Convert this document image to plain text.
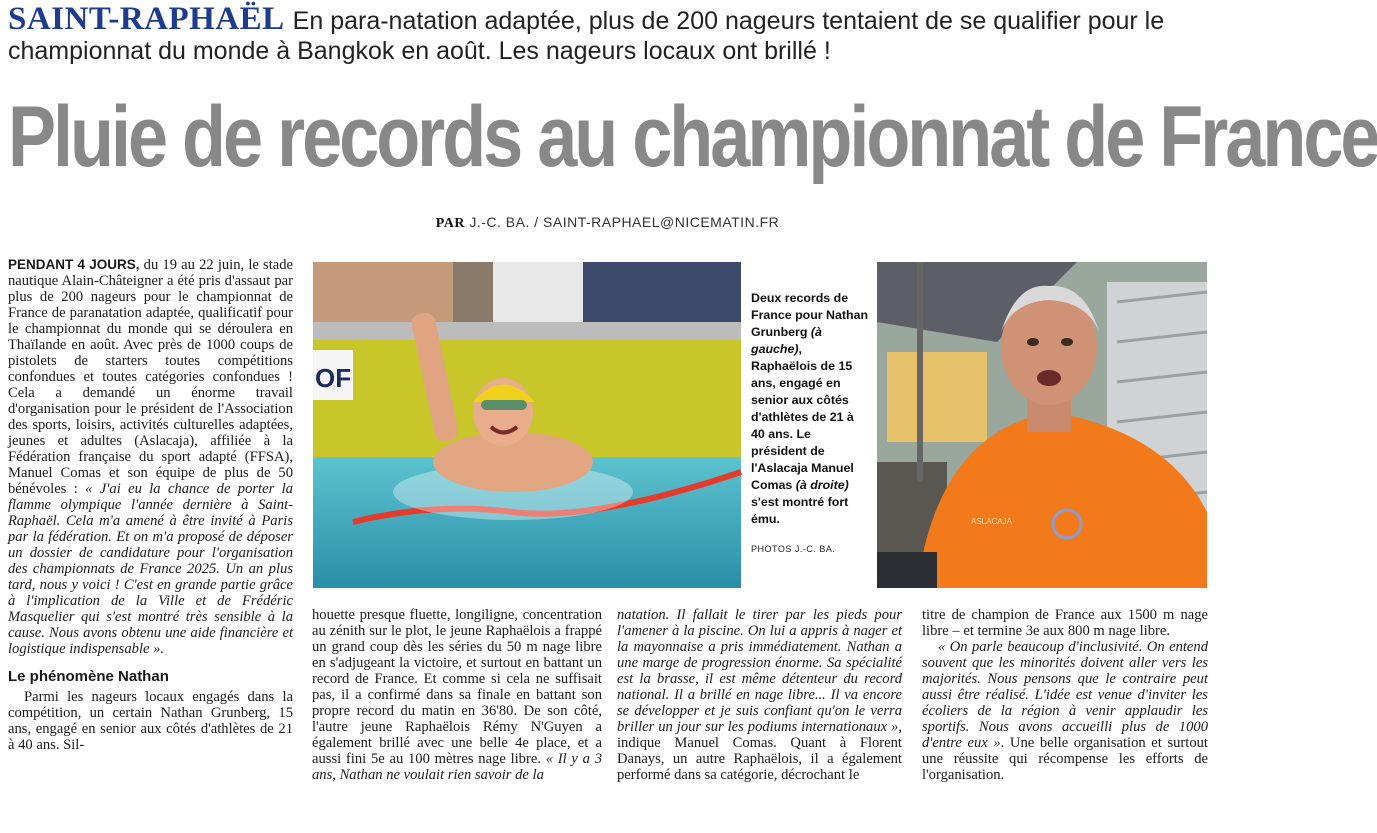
SAINT-RAPHAËL En para-natation adaptée, plus de 200 nageurs tentaient de se qualifier pour le championnat du monde à Bangkok en août. Les nageurs locaux ont brillé !
Pluie de records au championnat de France
PAR J.-C. BA. / SAINT-RAPHAEL@NICEMATIN.FR

PENDANT 4 JOURS, du 19 au 22 juin, le stade nautique Alain-Châteigner a été pris d'assaut par plus de 200 nageurs pour le championnat de France de paranatation adaptée, qualificatif pour le championnat du monde qui se déroulera en Thaïlande en août. Avec près de 1000 coups de pistolets de starters toutes compétitions confondues et toutes catégories confondues ! Cela a demandé un énorme travail d'organisation pour le président de l'Association des sports, loisirs, activités culturelles adaptées, jeunes et adultes (Aslacaja), affiliée à la Fédération française du sport adapté (FFSA), Manuel Comas et son équipe de plus de 50 bénévoles : « J'ai eu la chance de porter la flamme olympique l'année dernière à Saint-Raphaël. Cela m'a amené à être invité à Paris par la fédération. Et on m'a proposé de déposer un dossier de candidature pour l'organisation des championnats de France 2025. Un an plus tard, nous y voici ! C'est en grande partie grâce à l'implication de la Ville et de Frédéric Masquelier qui s'est montré très sensible à la cause. Nous avons obtenu une aide financière et logistique indispensable ».

Le phénomène Nathan

Parmi les nageurs locaux engagés dans la compétition, un certain Nathan Grunberg, 15 ans, engagé en senior aux côtés d'athlètes de 21 à 40 ans. Sil-

OF
Deux records de France pour Nathan Grunberg (à gauche), Raphaëlois de 15 ans, engagé en senior aux côtés d'athlètes de 21 à 40 ans. Le président de l'Aslacaja Manuel Comas (à droite) s'est montré fort ému.
PHOTOS J.-C. BA.
ASLACAJA

houette presque fluette, longiligne, concentration au zénith sur le plot, le jeune Raphaëlois a frappé un grand coup dès les séries du 50 m nage libre en s'adjugeant la victoire, et surtout en battant un record de France. Et comme si cela ne suffisait pas, il a confirmé dans sa finale en battant son propre record du matin en 36'80. De son côté, l'autre jeune Raphaëlois Rémy N'Guyen a également brillé avec une belle 4e place, et a aussi fini 5e au 100 mètres nage libre. « Il y a 3 ans, Nathan ne voulait rien savoir de la

natation. Il fallait le tirer par les pieds pour l'amener à la piscine. On lui a appris à nager et la mayonnaise a pris immédiatement. Nathan a une marge de progression énorme. Sa spécialité est la brasse, il est même détenteur du record national. Il a brillé en nage libre... Il va encore se développer et je suis confiant qu'on le verra briller un jour sur les podiums internationaux », indique Manuel Comas. Quant à Florent Danays, un autre Raphaëlois, il a également performé dans sa catégorie, décrochant le

titre de champion de France aux 1500 m nage libre – et termine 3e aux 800 m nage libre.

« On parle beaucoup d'inclusivité. On entend souvent que les minorités doivent aller vers les majorités. Nous pensons que le contraire peut aussi être réalisé. L'idée est venue d'inviter les écoliers de la région à venir applaudir les sportifs. Nous avons accueilli plus de 1000 d'entre eux ». Une belle organisation et surtout une réussite qui récompense les efforts de l'organisation.
